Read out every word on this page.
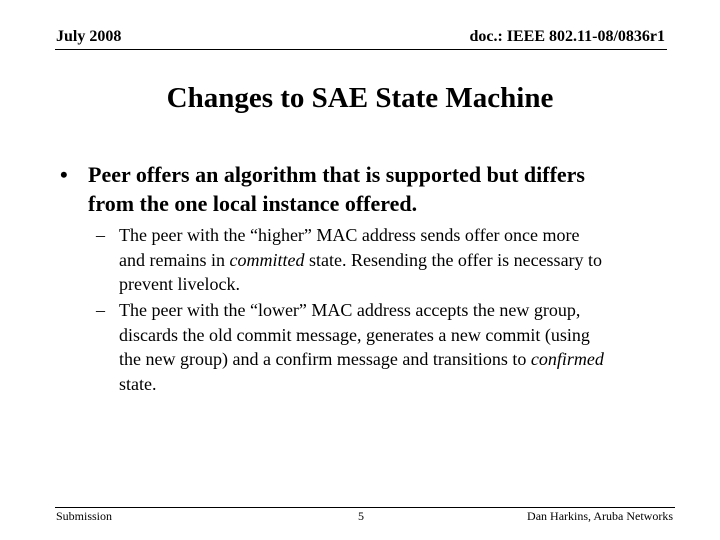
July 2008	doc.: IEEE 802.11-08/0836r1
Changes to SAE State Machine
• Peer offers an algorithm that is supported but differs
from the one local instance offered.
– The peer with the “higher” MAC address sends offer once more
and remains in committed state. Resending the offer is necessary to
prevent livelock.
– The peer with the “lower” MAC address accepts the new group,
discards the old commit message, generates a new commit (using
the new group) and a confirm message and transitions to confirmed
state.
Submission	5	Dan Harkins, Aruba Networks
